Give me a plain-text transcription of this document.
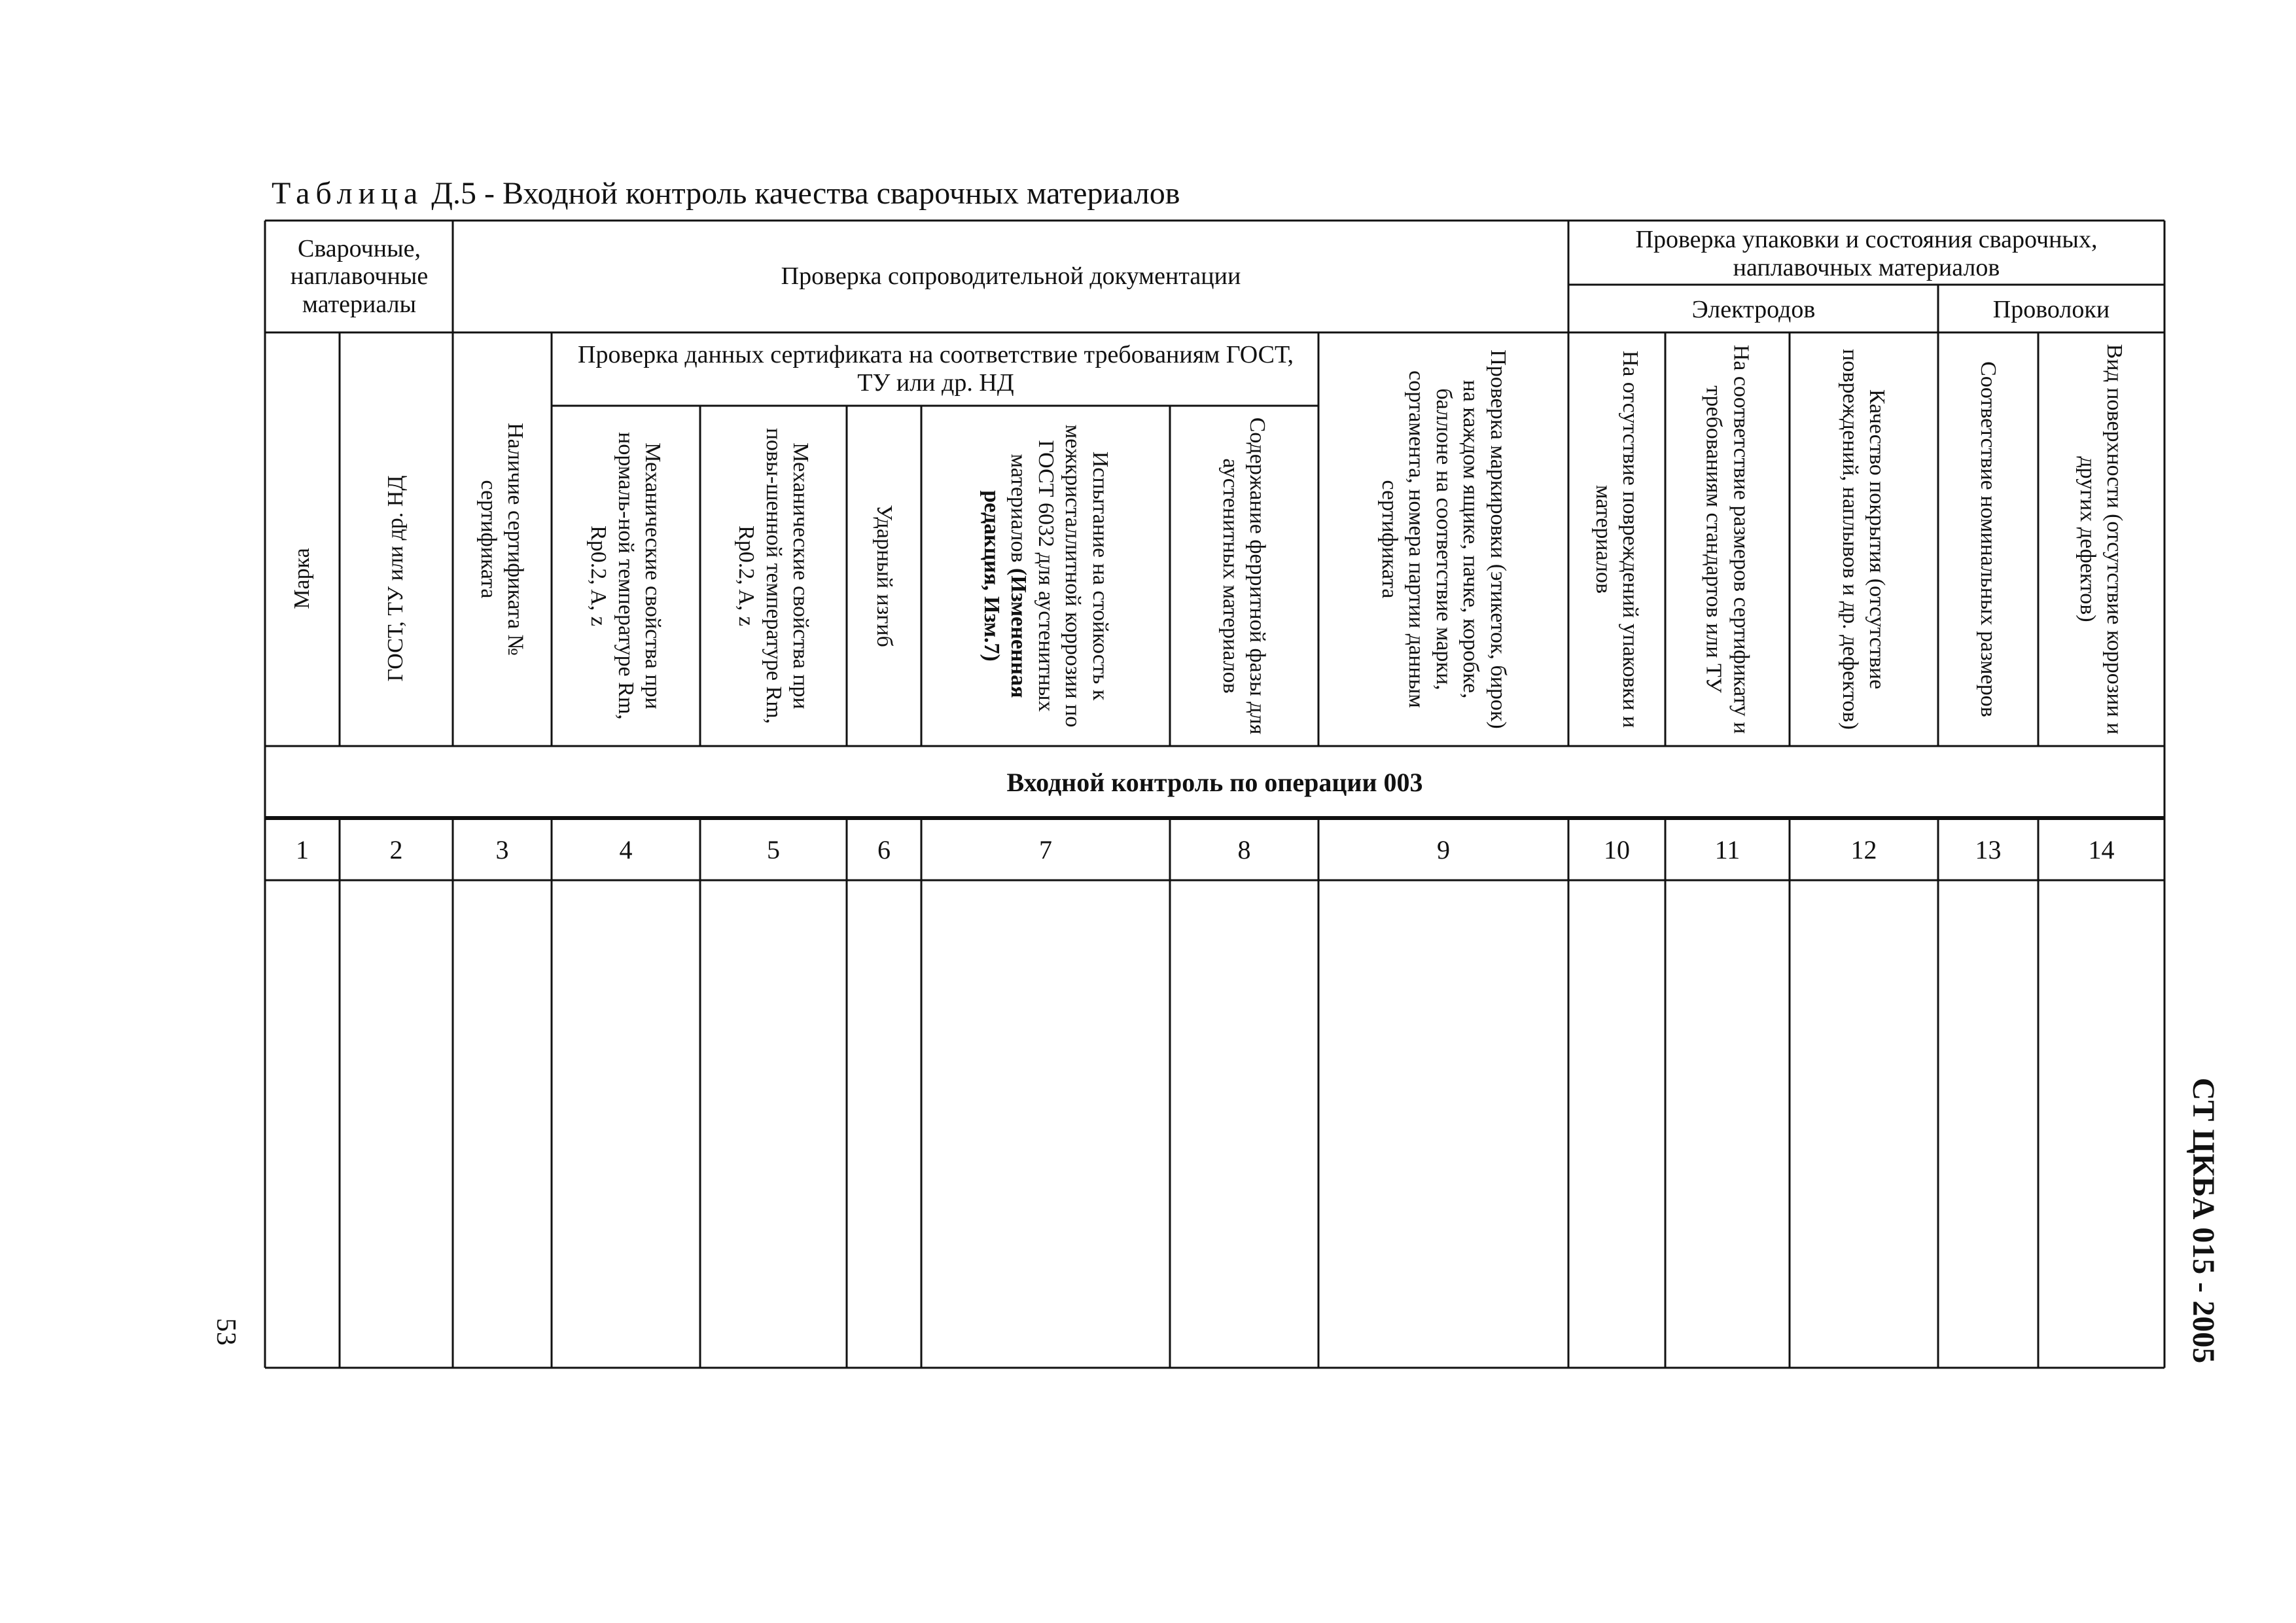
Таблица Д.5 - Входной контроль качества сварочных материалов
Сварочные, наплавочные материалы
Проверка сопроводительной документации
Проверка упаковки и состояния сварочных, наплавочных материалов
Электродов	Проволоки
Проверка данных сертификата на соответствие требованиям ГОСТ, ТУ или др. НД
Марка	ГОСТ, ТУ или др. НД	Наличие сертификата № сертификата	Механические свойства при нормаль-ной температуре Rm, Rp0.2, A, z	Механические свойства при повы-шенной температуре Rm, Rp0.2, A, z	Ударный изгиб	Испытание на стойкость к межкристаллитной коррозии по ГОСТ 6032 для аустенитных материалов (Измененная редакция, Изм.7)	Содержание ферритной фазы для аустенитных материалов	Проверка маркировки (этикеток, бирок) на каждом ящике, пачке, коробке, баллоне на соответствие марки, сортамента, номера партии данным сертификата	На отсутствие повреждений упаковки и материалов	На соответствие размеров сертификату и требованиям стандартов или ТУ	Качество покрытия (отсутствие повреждений, наплывов и др. дефектов)	Соответствие номинальных размеров	Вид поверхности (отсутствие коррозии и других дефектов)
Входной контроль по операции 003
1	2	3	4	5	6	7	8	9	10	11	12	13	14
СТ ЦКБА 015 - 2005
53
